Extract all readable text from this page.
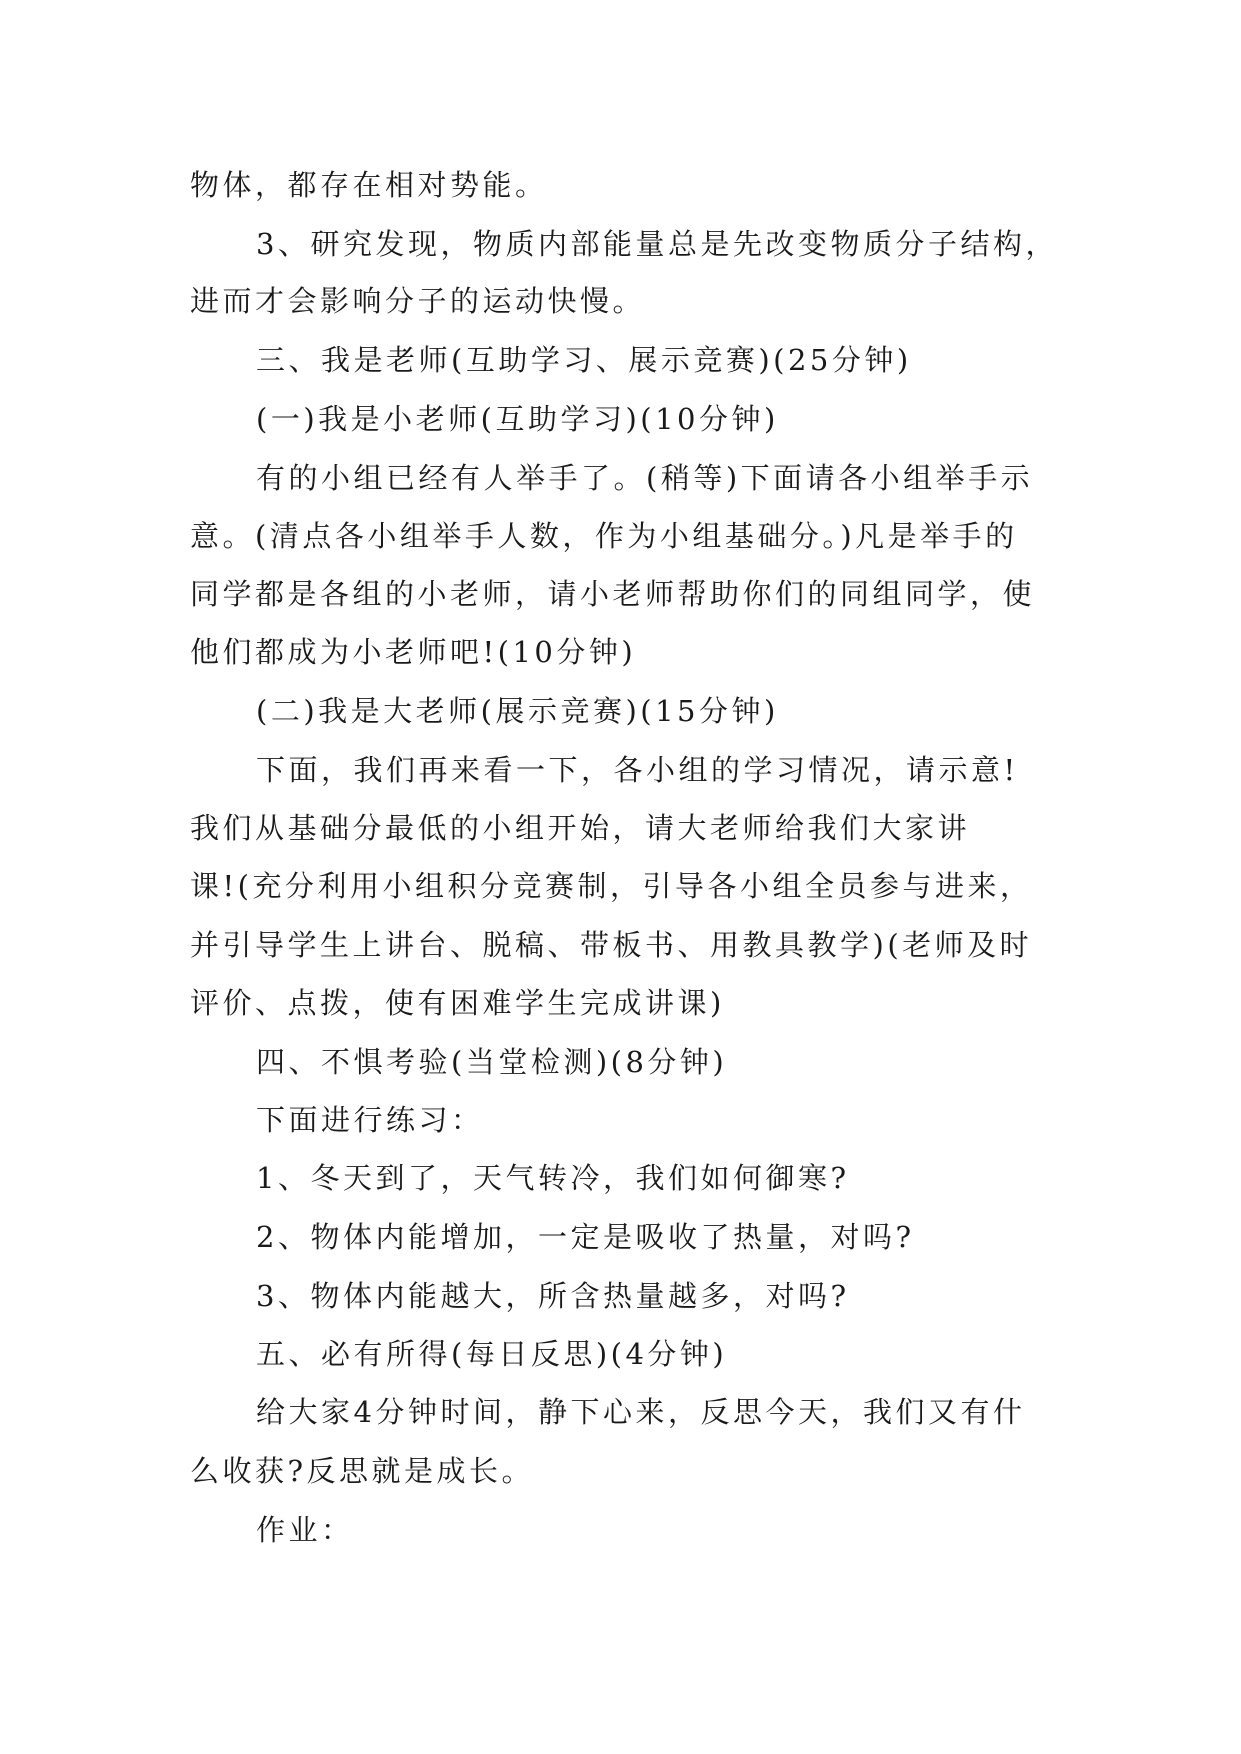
物体，都存在相对势能。
3、研究发现，物质内部能量总是先改变物质分子结构，
进而才会影响分子的运动快慢。
三、我是老师(互助学习、展示竞赛)(25分钟)
(一)我是小老师(互助学习)(10分钟)
有的小组已经有人举手了。(稍等)下面请各小组举手示
意。(清点各小组举手人数，作为小组基础分。)凡是举手的
同学都是各组的小老师，请小老师帮助你们的同组同学，使
他们都成为小老师吧!(10分钟)
(二)我是大老师(展示竞赛)(15分钟)
下面，我们再来看一下，各小组的学习情况，请示意!
我们从基础分最低的小组开始，请大老师给我们大家讲
课!(充分利用小组积分竞赛制，引导各小组全员参与进来，
并引导学生上讲台、脱稿、带板书、用教具教学)(老师及时
评价、点拨，使有困难学生完成讲课)
四、不惧考验(当堂检测)(8分钟)
下面进行练习：
1、冬天到了，天气转冷，我们如何御寒?
2、物体内能增加，一定是吸收了热量，对吗?
3、物体内能越大，所含热量越多，对吗?
五、必有所得(每日反思)(4分钟)
给大家4分钟时间，静下心来，反思今天，我们又有什
么收获?反思就是成长。
作业：
